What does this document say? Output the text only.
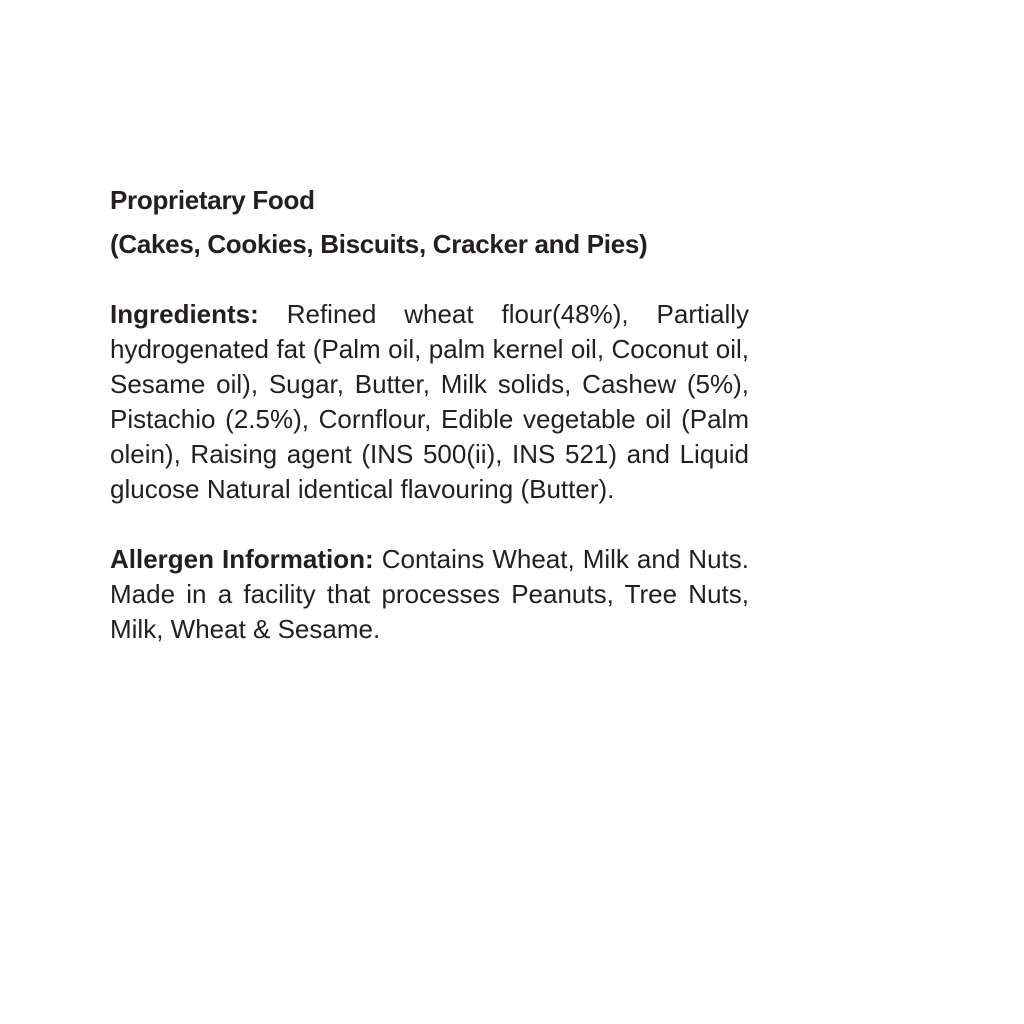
Proprietary Food

(Cakes, Cookies, Biscuits, Cracker and Pies)

Ingredients: Refined wheat flour(48%), Partially hydrogenated fat (Palm oil, palm kernel oil, Coconut oil, Sesame oil), Sugar, Butter, Milk solids, Cashew (5%), Pistachio (2.5%), Cornflour, Edible vegetable oil (Palm olein), Raising agent (INS 500(ii), INS 521) and Liquid glucose Natural identical flavouring (Butter).

Allergen Information: Contains Wheat, Milk and Nuts. Made in a facility that processes Peanuts, Tree Nuts, Milk, Wheat & Sesame.
